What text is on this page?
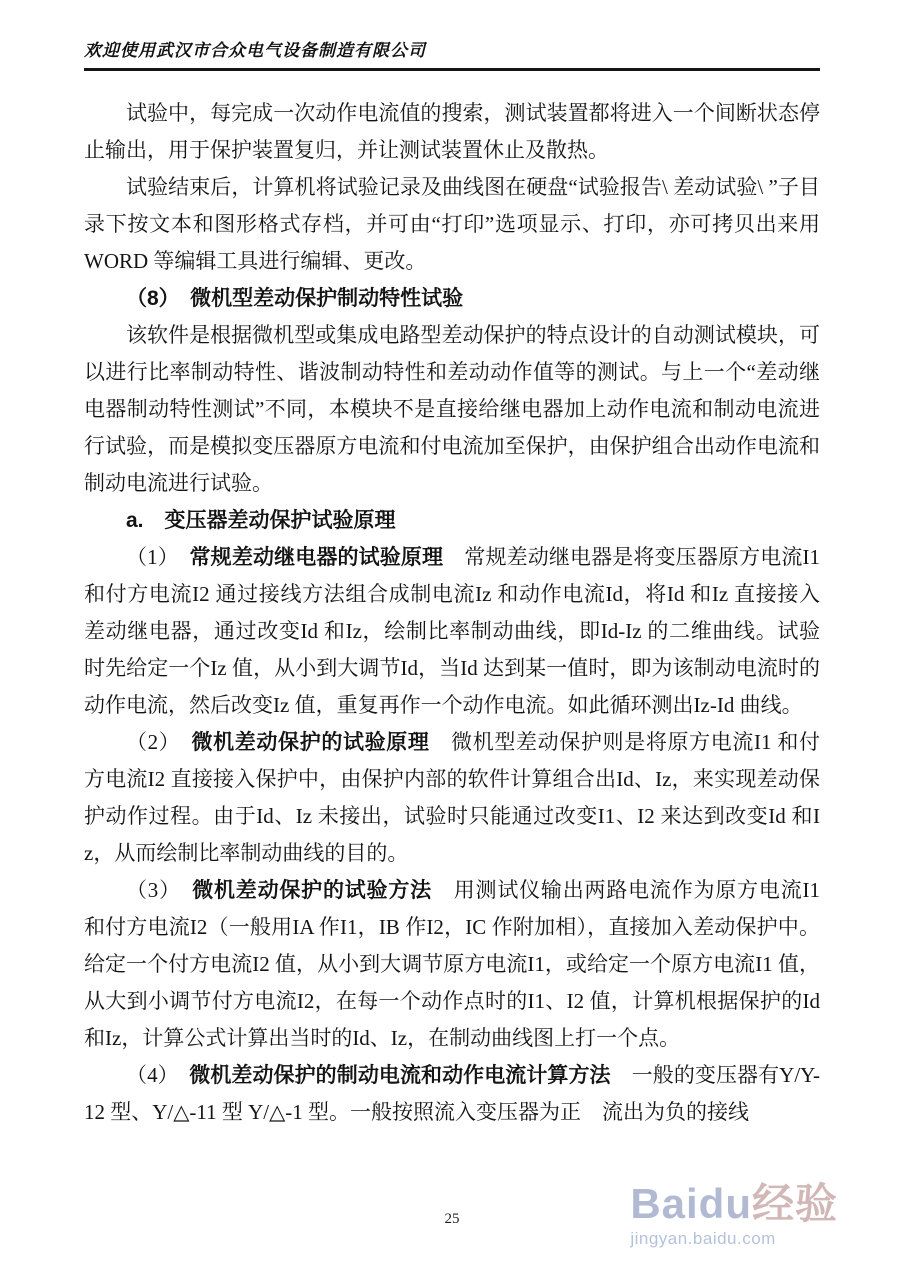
欢迎使用武汉市合众电气设备制造有限公司

试验中，每完成一次动作电流值的搜索，测试装置都将进入一个间断状态停止输出，用于保护装置复归，并让测试装置休止及散热。

试验结束后，计算机将试验记录及曲线图在硬盘“试验报告\ 差动试验\ ”子目录下按文本和图形格式存档，并可由“打印”选项显示、打印，亦可拷贝出来用 WORD 等编辑工具进行编辑、更改。

（8）　微机型差动保护制动特性试验

该软件是根据微机型或集成电路型差动保护的特点设计的自动测试模块，可以进行比率制动特性、谐波制动特性和差动动作值等的测试。与上一个“差动继电器制动特性测试”不同，本模块不是直接给继电器加上动作电流和制动电流进行试验，而是模拟变压器原方电流和付电流加至保护，由保护组合出动作电流和制动电流进行试验。

a.　变压器差动保护试验原理

（1）　常规差动继电器的试验原理　常规差动继电器是将变压器原方电流I1 和付方电流I2 通过接线方法组合成制电流Iz 和动作电流Id，将Id 和Iz 直接接入差动继电器，通过改变Id 和Iz，绘制比率制动曲线，即Id-Iz 的二维曲线。试验时先给定一个Iz 值，从小到大调节Id，当Id 达到某一值时，即为该制动电流时的动作电流，然后改变Iz 值，重复再作一个动作电流。如此循环测出Iz-Id 曲线。

（2）　微机差动保护的试验原理　微机型差动保护则是将原方电流I1 和付方电流I2 直接接入保护中，由保护内部的软件计算组合出Id、Iz，来实现差动保护动作过程。由于Id、Iz 未接出，试验时只能通过改变I1、I2 来达到改变Id 和Iz，从而绘制比率制动曲线的目的。

（3）　微机差动保护的试验方法　用测试仪输出两路电流作为原方电流I1 和付方电流I2（一般用IA 作I1，IB 作I2，IC 作附加相），直接加入差动保护中。给定一个付方电流I2 值，从小到大调节原方电流I1，或给定一个原方电流I1 值，从大到小调节付方电流I2，在每一个动作点时的I1、I2 值，计算机根据保护的Id 和Iz，计算公式计算出当时的Id、Iz，在制动曲线图上打一个点。

（4）　微机差动保护的制动电流和动作电流计算方法　一般的变压器有Y/Y-12 型、Y/△-11 型 Y/△-1 型。一般按照流入变压器为正　流出为负的接线

25	Baidu经验
jingyan.baidu.com
